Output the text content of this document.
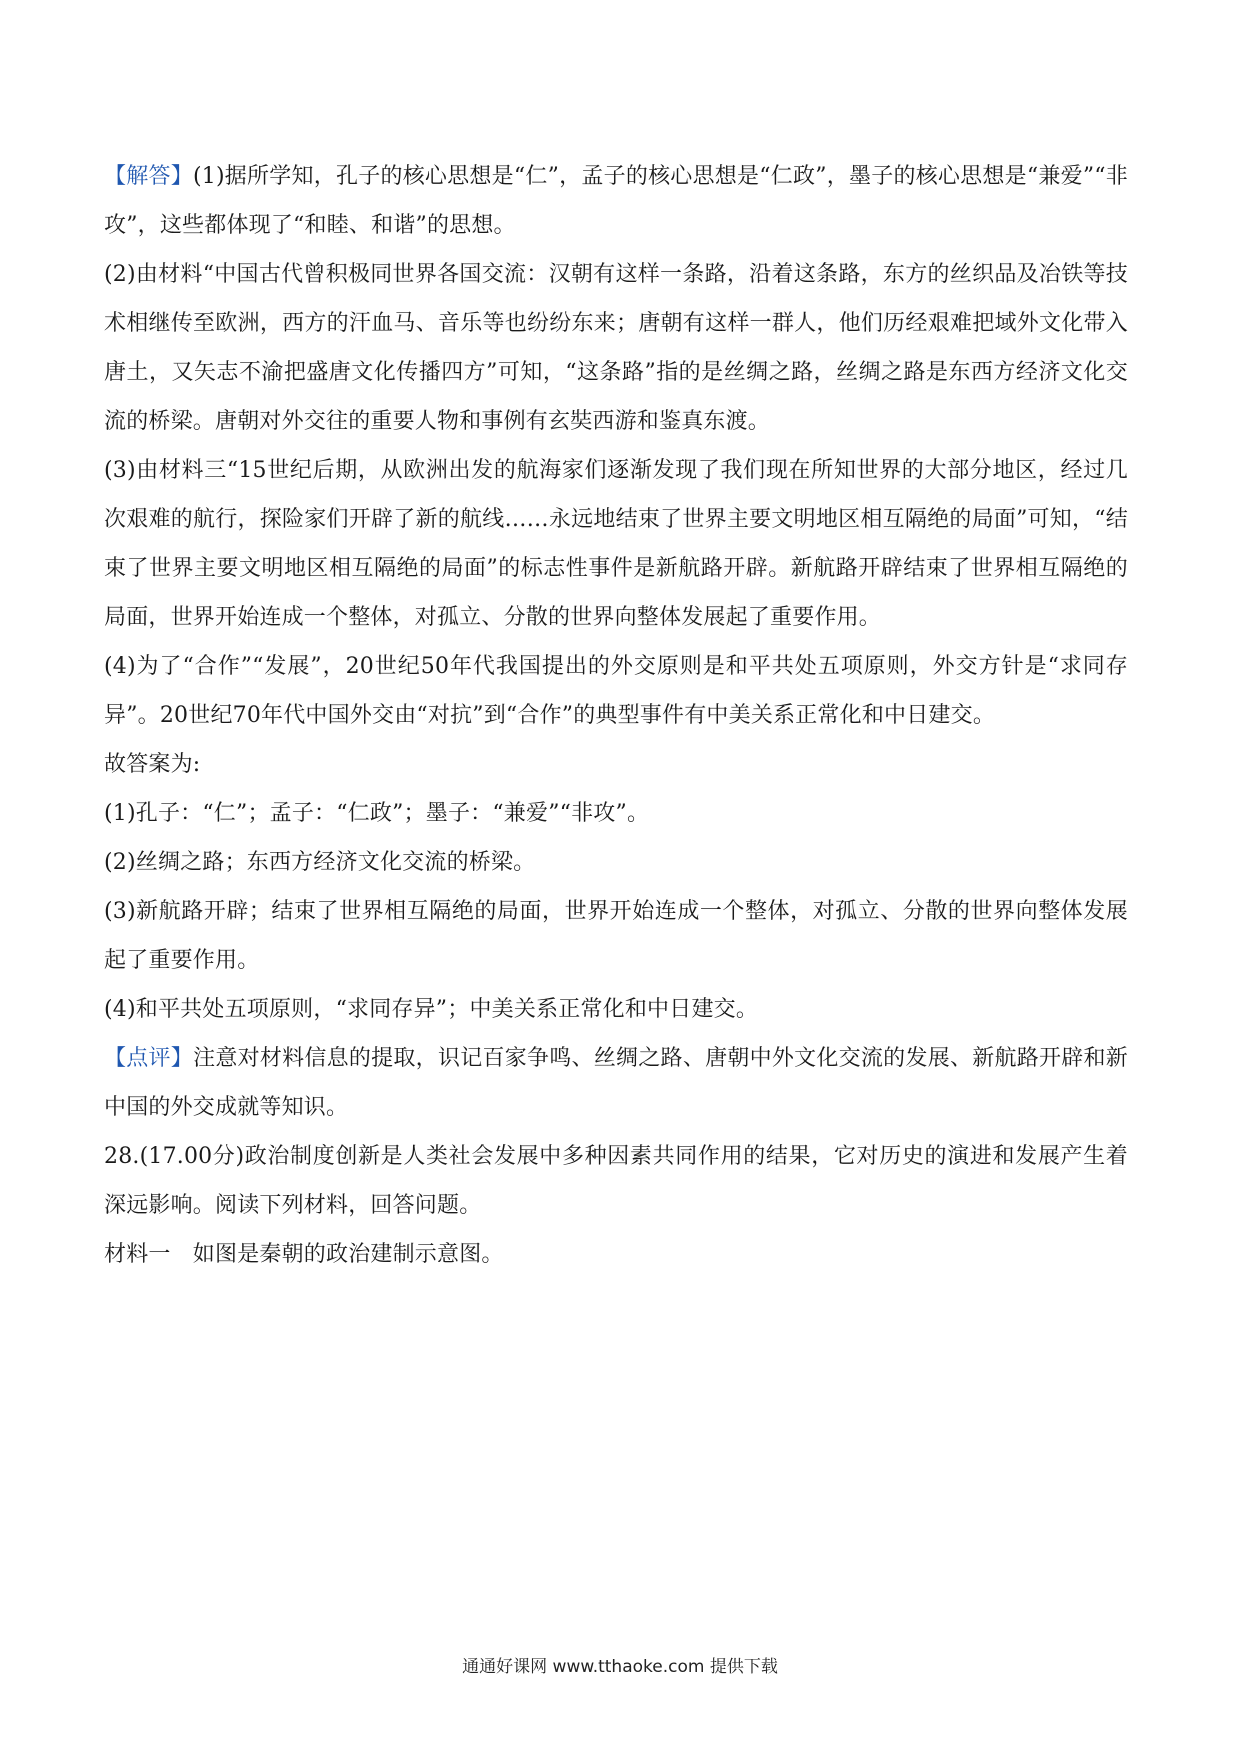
【解答】(1)据所学知，孔子的核心思想是“仁”，孟子的核心思想是“仁政”，墨子的核心思想是“兼爱”“非攻”，这些都体现了“和睦、和谐”的思想。

(2)由材料“中国古代曾积极同世界各国交流：汉朝有这样一条路，沿着这条路，东方的丝织品及冶铁等技术相继传至欧洲，西方的汗血马、音乐等也纷纷东来；唐朝有这样一群人，他们历经艰难把域外文化带入唐土，又矢志不渝把盛唐文化传播四方”可知，“这条路”指的是丝绸之路，丝绸之路是东西方经济文化交流的桥梁。唐朝对外交往的重要人物和事例有玄奘西游和鉴真东渡。

(3)由材料三“15世纪后期，从欧洲出发的航海家们逐渐发现了我们现在所知世界的大部分地区，经过几次艰难的航行，探险家们开辟了新的航线……永远地结束了世界主要文明地区相互隔绝的局面”可知，“结束了世界主要文明地区相互隔绝的局面”的标志性事件是新航路开辟。新航路开辟结束了世界相互隔绝的局面，世界开始连成一个整体，对孤立、分散的世界向整体发展起了重要作用。

(4)为了“合作”“发展”，20世纪50年代我国提出的外交原则是和平共处五项原则，外交方针是“求同存异”。20世纪70年代中国外交由“对抗”到“合作”的典型事件有中美关系正常化和中日建交。

故答案为:

(1)孔子：“仁”；孟子：“仁政”；墨子：“兼爱”“非攻”。

(2)丝绸之路；东西方经济文化交流的桥梁。

(3)新航路开辟；结束了世界相互隔绝的局面，世界开始连成一个整体，对孤立、分散的世界向整体发展起了重要作用。

(4)和平共处五项原则，“求同存异”；中美关系正常化和中日建交。

【点评】注意对材料信息的提取，识记百家争鸣、丝绸之路、唐朝中外文化交流的发展、新航路开辟和新中国的外交成就等知识。

28.(17.00分)政治制度创新是人类社会发展中多种因素共同作用的结果，它对历史的演进和发展产生着深远影响。阅读下列材料，回答问题。

材料一　如图是秦朝的政治建制示意图。

通通好课网 www.tthaoke.com 提供下载
